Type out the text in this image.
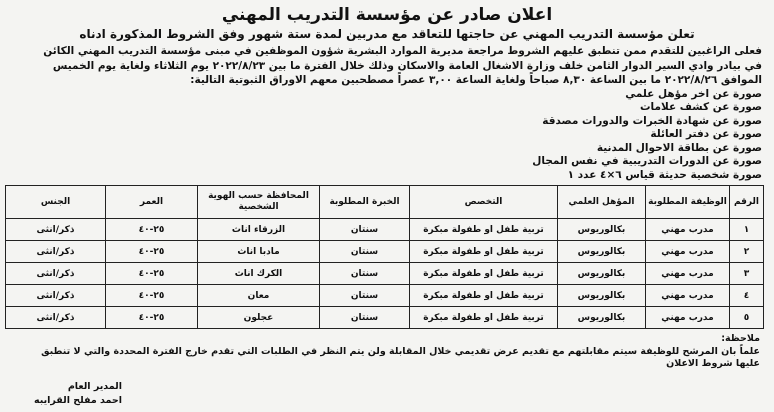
اعلان صادر عن مؤسسة التدريب المهني
تعلن مؤسسة التدريب المهني عن حاجتها للتعاقد مع مدربين لمدة ستة شهور وفق الشروط المذكورة ادناه

فعلى الراغبين للتقدم ممن تنطبق عليهم الشروط مراجعة مديرية الموارد البشرية شؤون الموظفين في مبنى مؤسسة التدريب المهني الكائن

في بيادر وادي السير الدوار الثامن خلف وزارة الاشغال العامة والاسكان وذلك خلال الفترة ما بين ٢٠٢٢/٨/٢٣ يوم الثلاثاء ولغاية يوم الخميس

الموافق ٢٠٢٢/٨/٢٦ ما بين الساعة ٨,٣٠ صباحاً ولغاية الساعة ٣,٠٠ عصراً مصطحبين معهم الاوراق الثبوتية التالية:

صورة عن اخر مؤهل علمي
صورة عن كشف علامات
صورة عن شهادة الخبرات والدورات مصدقة
صورة عن دفتر العائلة
صورة عن بطاقة الاحوال المدنية
صورة عن الدورات التدريبية في نفس المجال
صورة شخصية حديثة قياس ٦×٤ عدد ١
الرقم	الوظيفة المطلوبة	المؤهل العلمي	التخصص	الخبرة المطلوبة	المحافظة حسب الهوية الشخصية	العمر	الجنس
١	مدرب مهني	بكالوريوس	تربية طفل او طفولة مبكرة	سنتان	الزرقاء اناث	٢٥-٤٠	ذكر/انثى
٢	مدرب مهني	بكالوريوس	تربية طفل او طفولة مبكرة	سنتان	مادبا اناث	٢٥-٤٠	ذكر/انثى
٣	مدرب مهني	بكالوريوس	تربية طفل او طفولة مبكرة	سنتان	الكرك اناث	٢٥-٤٠	ذكر/انثى
٤	مدرب مهني	بكالوريوس	تربية طفل او طفولة مبكرة	سنتان	معان	٢٥-٤٠	ذكر/انثى
٥	مدرب مهني	بكالوريوس	تربية طفل او طفولة مبكرة	سنتان	عجلون	٢٥-٤٠	ذكر/انثى

ملاحظة:

علماً بان المرشح للوظيفة سيتم مقابلتهم مع تقديم عرض تقديمي خلال المقابلة ولن يتم النظر في الطلبات التي تقدم خارج الفترة المحددة والتي لا تنطبق

عليها شروط الاعلان

المدير العام
احمد مفلح القرايبه
